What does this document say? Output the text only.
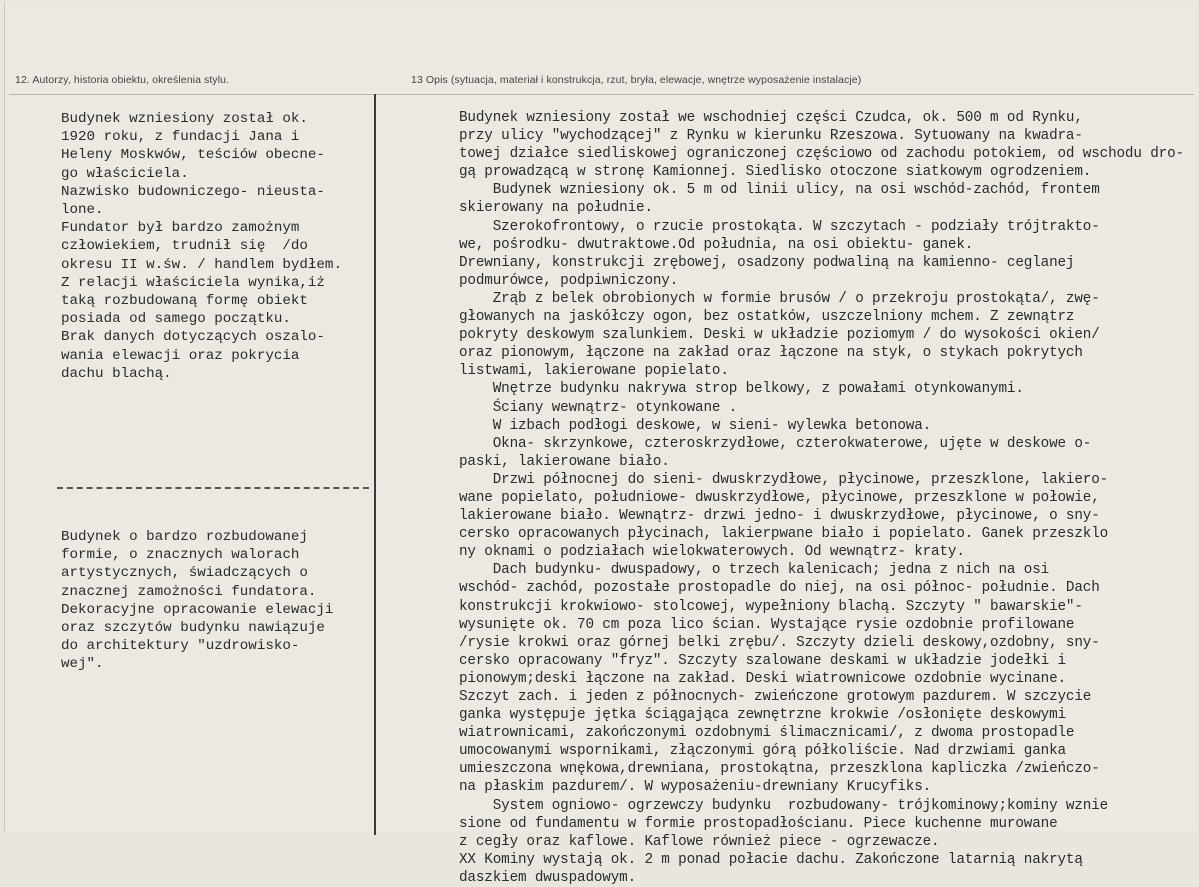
12. Autorzy, historia obiektu, określenia stylu.	13 Opis (sytuacja, materiał i konstrukcja, rzut, bryła, elewacje, wnętrze wyposażenie instalacje)
Budynek wzniesiony został ok.
1920 roku, z fundacji Jana i
Heleny Moskwów, teściów obecne-
go właściciela.
Nazwisko budowniczego- nieusta-
lone.
Fundator był bardzo zamożnym
człowiekiem, trudnił się  /do
okresu II w.św. / handlem bydłem.
Z relacji właściciela wynika,iż
taką rozbudowaną formę obiekt
posiada od samego początku.
Brak danych dotyczących oszalo-
wania elewacji oraz pokrycia
dachu blachą.
Budynek o bardzo rozbudowanej
formie, o znacznych walorach
artystycznych, świadczących o
znacznej zamożności fundatora.
Dekoracyjne opracowanie elewacji
oraz szczytów budynku nawiązuje
do architektury "uzdrowisko-
wej".
Budynek wzniesiony został we wschodniej części Czudca, ok. 500 m od Rynku,
przy ulicy "wychodzącej" z Rynku w kierunku Rzeszowa. Sytuowany na kwadra-
towej działce siedliskowej ograniczonej częściowo od zachodu potokiem, od wschodu dro-
gą prowadzącą w stronę Kamionnej. Siedlisko otoczone siatkowym ogrodzeniem.
Budynek wzniesiony ok. 5 m od linii ulicy, na osi wschód-zachód, frontem
skierowany na południe.
Szerokofrontowy, o rzucie prostokąta. W szczytach - podziały trójtrakto-
we, pośrodku- dwutraktowe.Od południa, na osi obiektu- ganek.
Drewniany, konstrukcji zrębowej, osadzony podwaliną na kamienno- ceglanej
podmurówce, podpiwniczony.
Zrąb z belek obrobionych w formie brusów / o przekroju prostokąta/, zwę-
głowanych na jaskółczy ogon, bez ostatków, uszczelniony mchem. Z zewnątrz
pokryty deskowym szalunkiem. Deski w układzie poziomym / do wysokości okien/
oraz pionowym, łączone na zakład oraz łączone na styk, o stykach pokrytych
listwami, lakierowane popielato.
Wnętrze budynku nakrywa strop belkowy, z powałami otynkowanymi.
Ściany wewnątrz- otynkowane .
W izbach podłogi deskowe, w sieni- wylewka betonowa.
Okna- skrzynkowe, czteroskrzydłowe, czterokwaterowe, ujęte w deskowe o-
paski, lakierowane biało.
Drzwi północnej do sieni- dwuskrzydłowe, płycinowe, przeszklone, lakiero-
wane popielato, południowe- dwuskrzydłowe, płycinowe, przeszklone w połowie,
lakierowane biało. Wewnątrz- drzwi jedno- i dwuskrzydłowe, płycinowe, o sny-
cersko opracowanych płycinach, lakierpwane biało i popielato. Ganek przeszklo
ny oknami o podziałach wielokwaterowych. Od wewnątrz- kraty.
Dach budynku- dwuspadowy, o trzech kalenicach; jedna z nich na osi
wschód- zachód, pozostałe prostopadle do niej, na osi północ- południe. Dach
konstrukcji krokwiowo- stolcowej, wypełniony blachą. Szczyty " bawarskie"-
wysunięte ok. 70 cm poza lico ścian. Wystające rysie ozdobnie profilowane
/rysie krokwi oraz górnej belki zrębu/. Szczyty dzieli deskowy,ozdobny, sny-
cersko opracowany "fryz". Szczyty szalowane deskami w układzie jodełki i
pionowym;deski łączone na zakład. Deski wiatrownicowe ozdobnie wycinane.
Szczyt zach. i jeden z północnych- zwieńczone grotowym pazdurem. W szczycie
ganka występuje jętka ściągająca zewnętrzne krokwie /osłonięte deskowymi
wiatrownicami, zakończonymi ozdobnymi ślimacznicami/, z dwoma prostopadle
umocowanymi wspornikami, złączonymi górą półkoliście. Nad drzwiami ganka
umieszczona wnękowa,drewniana, prostokątna, przeszklona kapliczka /zwieńczo-
na płaskim pazdurem/. W wyposażeniu-drewniany Krucyfiks.
System ogniowo- ogrzewczy budynku  rozbudowany- trójkominowy;kominy wznie
sione od fundamentu w formie prostopadłościanu. Piece kuchenne murowane
z cegły oraz kaflowe. Kaflowe również piece - ogrzewacze.
XX Kominy wystają ok. 2 m ponad połacie dachu. Zakończone latarnią nakrytą
daszkiem dwuspadowym.
